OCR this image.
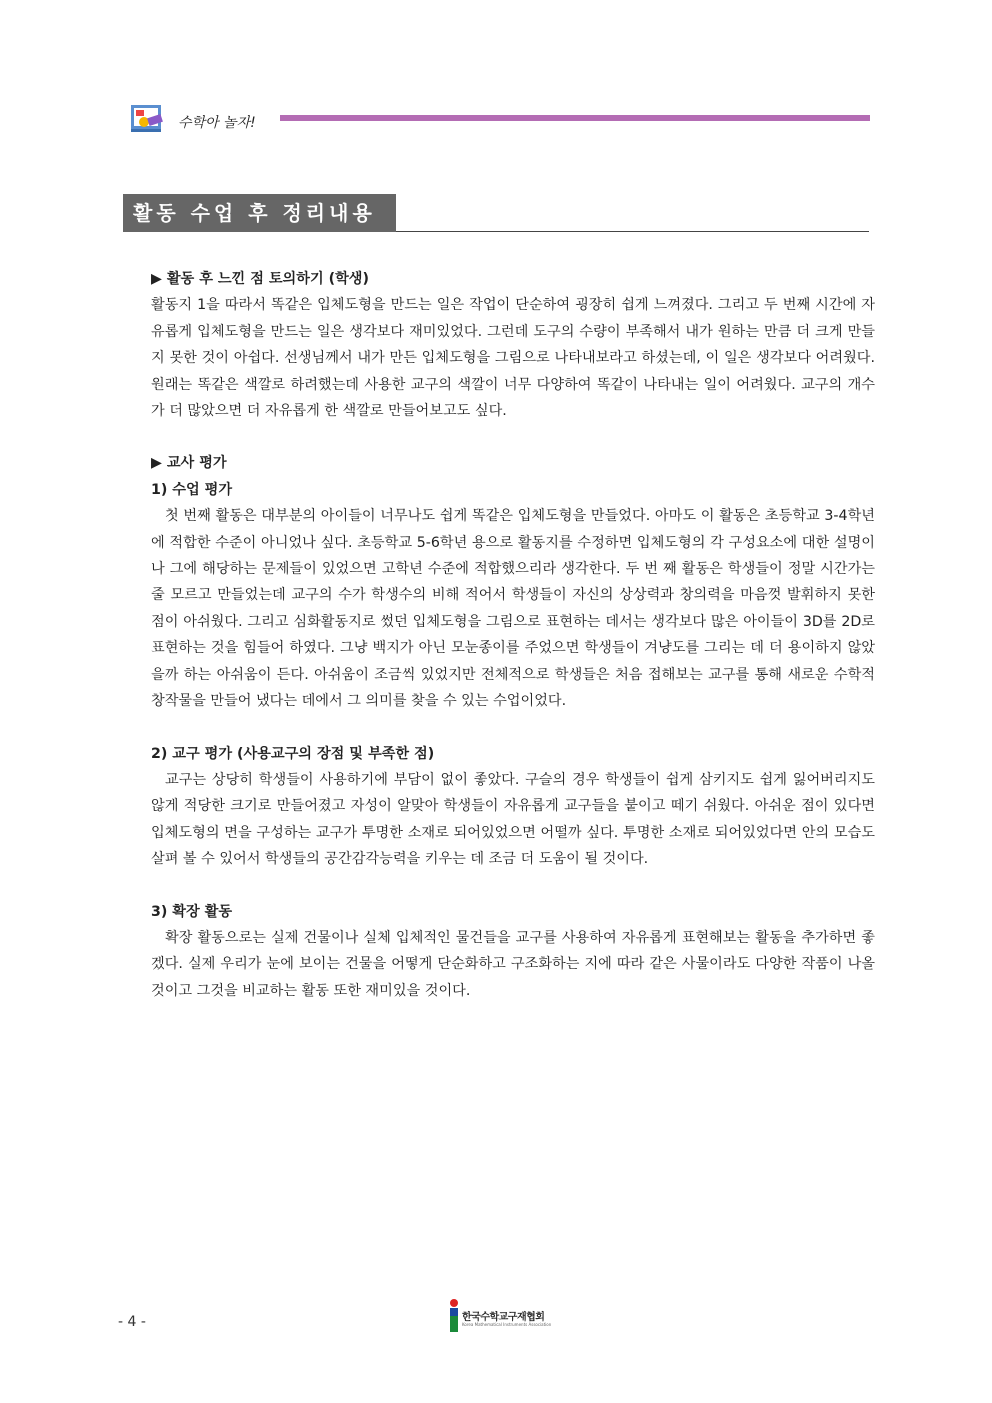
수학아 놀자!
활동 수업 후 정리내용

▶ 활동 후 느낀 점 토의하기 (학생)

활동지 1을 따라서 똑같은 입체도형을 만드는 일은 작업이 단순하여 굉장히 쉽게 느껴졌다. 그리고 두 번째 시간에 자유롭게 입체도형을 만드는 일은 생각보다 재미있었다. 그런데 도구의 수량이 부족해서 내가 원하는 만큼 더 크게 만들지 못한 것이 아쉽다. 선생님께서 내가 만든 입체도형을 그림으로 나타내보라고 하셨는데, 이 일은 생각보다 어려웠다. 원래는 똑같은 색깔로 하려했는데 사용한 교구의 색깔이 너무 다양하여 똑같이 나타내는 일이 어려웠다. 교구의 개수가 더 많았으면 더 자유롭게 한 색깔로 만들어보고도 싶다.

▶ 교사 평가

1) 수업 평가

첫 번째 활동은 대부분의 아이들이 너무나도 쉽게 똑같은 입체도형을 만들었다. 아마도 이 활동은 초등학교 3-4학년에 적합한 수준이 아니었나 싶다. 초등학교 5-6학년 용으로 활동지를 수정하면 입체도형의 각 구성요소에 대한 설명이나 그에 해당하는 문제들이 있었으면 고학년 수준에 적합했으리라 생각한다. 두 번 째 활동은 학생들이 정말 시간가는 줄 모르고 만들었는데 교구의 수가 학생수의 비해 적어서 학생들이 자신의 상상력과 창의력을 마음껏 발휘하지 못한 점이 아쉬웠다. 그리고 심화활동지로 썼던 입체도형을 그림으로 표현하는 데서는 생각보다 많은 아이들이 3D를 2D로 표현하는 것을 힘들어 하였다. 그냥 백지가 아닌 모눈종이를 주었으면 학생들이 겨냥도를 그리는 데 더 용이하지 않았을까 하는 아쉬움이 든다. 아쉬움이 조금씩 있었지만 전체적으로 학생들은 처음 접해보는 교구를 통해 새로운 수학적 창작물을 만들어 냈다는 데에서 그 의미를 찾을 수 있는 수업이었다.

2) 교구 평가 (사용교구의 장점 및 부족한 점)

교구는 상당히 학생들이 사용하기에 부담이 없이 좋았다. 구슬의 경우 학생들이 쉽게 삼키지도 쉽게 잃어버리지도 않게 적당한 크기로 만들어졌고 자성이 알맞아 학생들이 자유롭게 교구들을 붙이고 떼기 쉬웠다. 아쉬운 점이 있다면 입체도형의 면을 구성하는 교구가 투명한 소재로 되어있었으면 어떨까 싶다. 투명한 소재로 되어있었다면 안의 모습도 살펴 볼 수 있어서 학생들의 공간감각능력을 키우는 데 조금 더 도움이 될 것이다.

3) 확장 활동

확장 활동으로는 실제 건물이나 실체 입체적인 물건들을 교구를 사용하여 자유롭게 표현해보는 활동을 추가하면 좋겠다. 실제 우리가 눈에 보이는 건물을 어떻게 단순화하고 구조화하는 지에 따라 같은 사물이라도 다양한 작품이 나올 것이고 그것을 비교하는 활동 또한 재미있을 것이다.

- 4 -	한국수학교구재협회
Korea Mathematical Instruments Association
